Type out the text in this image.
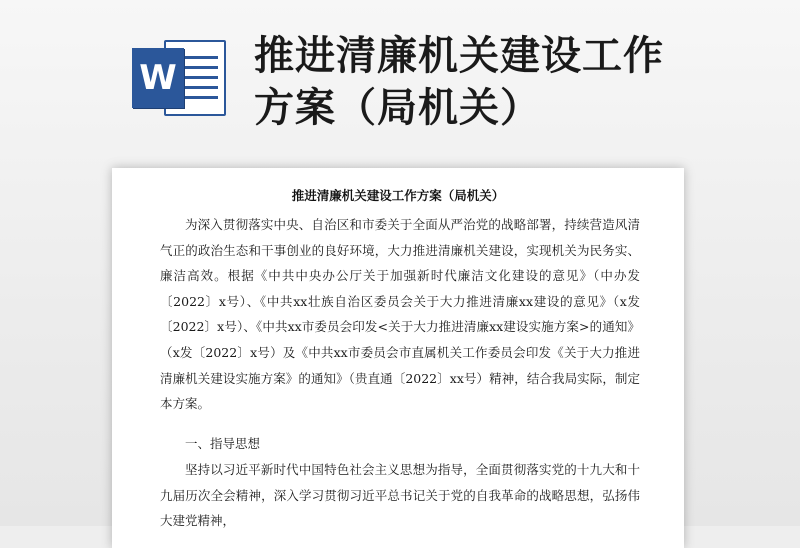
W 推进清廉机关建设工作方案（局机关）
推进清廉机关建设工作方案（局机关）

为深入贯彻落实中央、自治区和市委关于全面从严治党的战略部署，持续营造风清气正的政治生态和干事创业的良好环境，大力推进清廉机关建设，实现机关为民务实、廉洁高效。根据《中共中央办公厅关于加强新时代廉洁文化建设的意见》（中办发〔2022〕x号）、《中共xx壮族自治区委员会关于大力推进清廉xx建设的意见》（x发〔2022〕x号）、《中共xx市委员会印发<关于大力推进清廉xx建设实施方案>的通知》（x发〔2022〕x号）及《中共xx市委员会市直属机关工作委员会印发《关于大力推进清廉机关建设实施方案》的通知》（贵直通〔2022〕xx号）精神，结合我局实际，制定本方案。

一、指导思想

坚持以习近平新时代中国特色社会主义思想为指导，全面贯彻落实党的十九大和十九届历次全会精神，深入学习贯彻习近平总书记关于党的自我革命的战略思想，弘扬伟大建党精神，
